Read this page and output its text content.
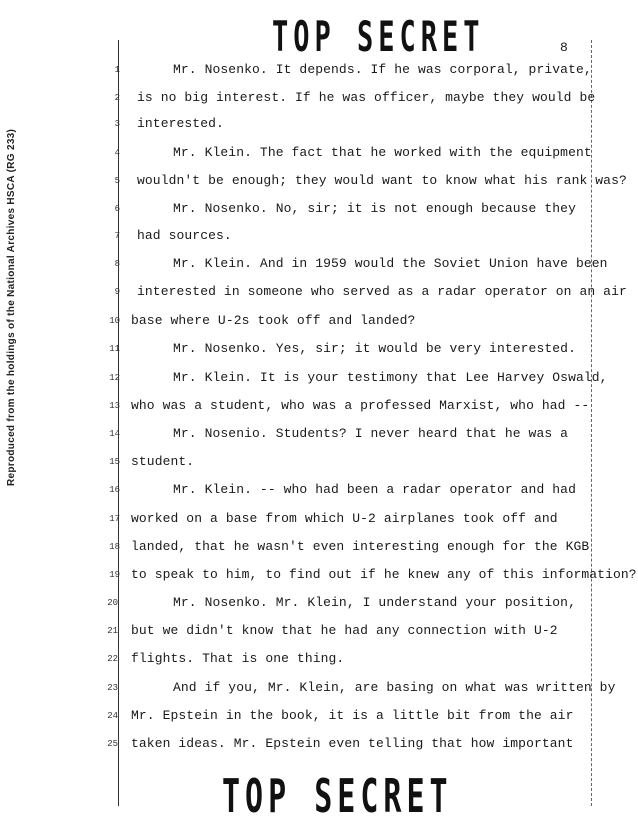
TOP SECRET	8
Reproduced from the holdings of the National Archives HSCA (RG 233)
1	Mr. Nosenko. It depends. If he was corporal, private,
2 is no big interest. If he was officer, maybe they would be
3 interested.
4	Mr. Klein. The fact that he worked with the equipment
5 wouldn't be enough; they would want to know what his rank was?
6	Mr. Nosenko. No, sir; it is not enough because they
7 had sources.
8	Mr. Klein. And in 1959 would the Soviet Union have been
9 interested in someone who served as a radar operator on an air
10 base where U-2s took off and landed?
11	Mr. Nosenko. Yes, sir; it would be very interested.
12	Mr. Klein. It is your testimony that Lee Harvey Oswald,
13 who was a student, who was a professed Marxist, who had --
14	Mr. Nosenio. Students? I never heard that he was a
15 student.
16	Mr. Klein. -- who had been a radar operator and had
17 worked on a base from which U-2 airplanes took off and
18 landed, that he wasn't even interesting enough for the KGB
19 to speak to him, to find out if he knew any of this information?
20	Mr. Nosenko. Mr. Klein, I understand your position,
21 but we didn't know that he had any connection with U-2
22 flights. That is one thing.
23	And if you, Mr. Klein, are basing on what was written by
24 Mr. Epstein in the book, it is a little bit from the air
25 taken ideas. Mr. Epstein even telling that how important
TOP SECRET
